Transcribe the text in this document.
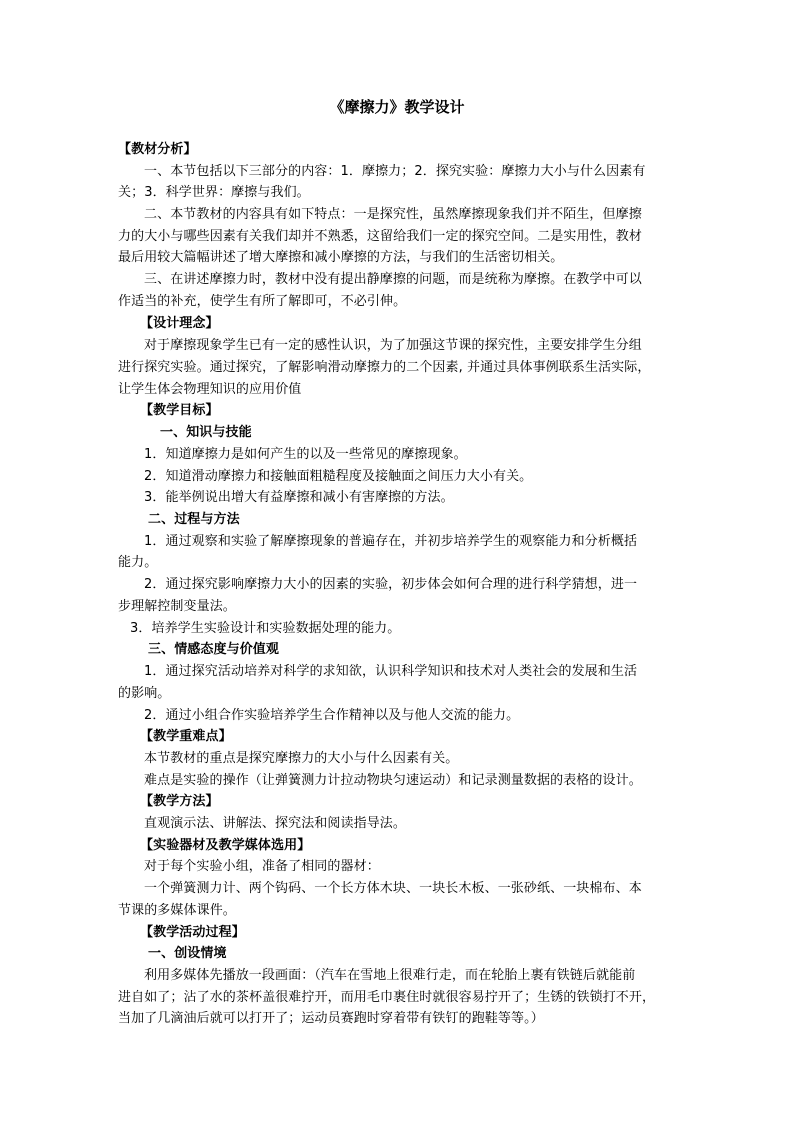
《摩擦力》教学设计
【教材分析】
一、本节包括以下三部分的内容：1．摩擦力；2．探究实验：摩擦力大小与什么因素有
关；3．科学世界：摩擦与我们。
二、本节教材的内容具有如下特点：一是探究性，虽然摩擦现象我们并不陌生，但摩擦
力的大小与哪些因素有关我们却并不熟悉，这留给我们一定的探究空间。二是实用性，教材
最后用较大篇幅讲述了增大摩擦和减小摩擦的方法，与我们的生活密切相关。
三、在讲述摩擦力时，教材中没有提出静摩擦的问题，而是统称为摩擦。在教学中可以
作适当的补充，使学生有所了解即可，不必引伸。
【设计理念】
对于摩擦现象学生已有一定的感性认识，为了加强这节课的探究性，主要安排学生分组
进行探究实验。通过探究，了解影响滑动摩擦力的二个因素, 并通过具体事例联系生活实际，
让学生体会物理知识的应用价值
【教学目标】
一、知识与技能
1．知道摩擦力是如何产生的以及一些常见的摩擦现象。
2．知道滑动摩擦力和接触面粗糙程度及接触面之间压力大小有关。
3．能举例说出增大有益摩擦和减小有害摩擦的方法。
二、过程与方法
1．通过观察和实验了解摩擦现象的普遍存在，并初步培养学生的观察能力和分析概括
能力。
2．通过探究影响摩擦力大小的因素的实验，初步体会如何合理的进行科学猜想，进一
步理解控制变量法。
3．培养学生实验设计和实验数据处理的能力。
三、情感态度与价值观
1．通过探究活动培养对科学的求知欲，认识科学知识和技术对人类社会的发展和生活
的影响。
2．通过小组合作实验培养学生合作精神以及与他人交流的能力。
【教学重难点】
本节教材的重点是探究摩擦力的大小与什么因素有关。
难点是实验的操作（让弹簧测力计拉动物块匀速运动）和记录测量数据的表格的设计。
【教学方法】
直观演示法、讲解法、探究法和阅读指导法。
【实验器材及教学媒体选用】
对于每个实验小组，准备了相同的器材：
一个弹簧测力计、两个钩码、一个长方体木块、一块长木板、一张砂纸、一块棉布、本
节课的多媒体课件。
【教学活动过程】
一、创设情境
利用多媒体先播放一段画面：（汽车在雪地上很难行走，而在轮胎上裹有铁链后就能前
进自如了；沾了水的茶杯盖很难拧开，而用毛巾裹住时就很容易拧开了；生锈的铁锁打不开，
当加了几滴油后就可以打开了；运动员赛跑时穿着带有铁钉的跑鞋等等。）
